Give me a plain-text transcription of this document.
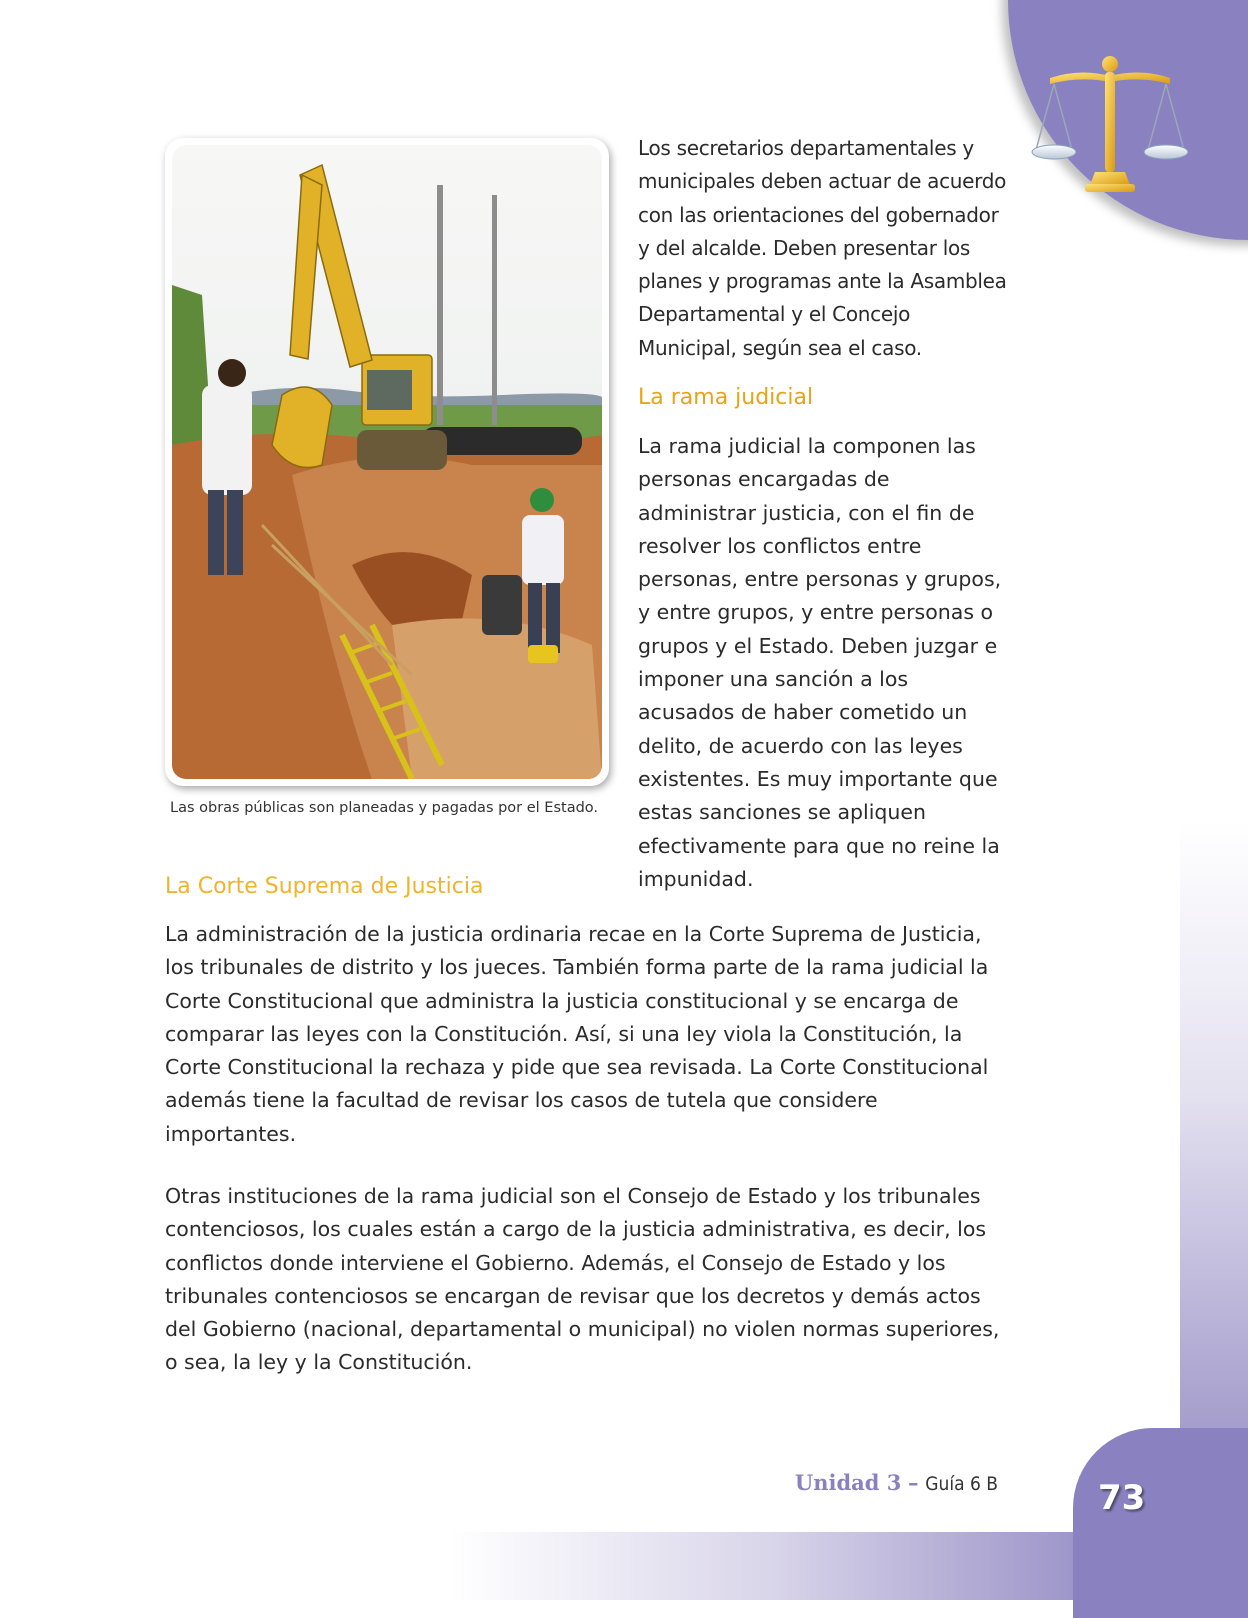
Las obras públicas son planeadas y pagadas por el Estado.

Los secretarios departamentales y municipales deben actuar de acuerdo con las orientaciones del gobernador y del alcalde. Deben presentar los planes y programas ante la Asamblea Departamental y el Concejo Municipal, según sea el caso.

La rama judicial

La rama judicial la componen las personas encargadas de administrar justicia, con el fin de resolver los conflictos entre personas, entre personas y grupos, y entre grupos, y entre personas o grupos y el Estado. Deben juzgar e imponer una sanción a los acusados de haber cometido un delito, de acuerdo con las leyes existentes. Es muy importante que estas sanciones se apliquen efectivamente para que no reine la impunidad.

La Corte Suprema de Justicia

La administración de la justicia ordinaria recae en la Corte Suprema de Justicia, los tribunales de distrito y los jueces. También forma parte de la rama judicial la Corte Constitucional que administra la justicia constitucional y se encarga de comparar las leyes con la Constitución. Así, si una ley viola la Constitución, la Corte Constitucional la rechaza y pide que sea revisada. La Corte Constitucional además tiene la facultad de revisar los casos de tutela que considere importantes.

Otras instituciones de la rama judicial son el Consejo de Estado y los tribunales contenciosos, los cuales están a cargo de la justicia administrativa, es decir, los conflictos donde interviene el Gobierno. Además, el Consejo de Estado y los tribunales contenciosos se encargan de revisar que los decretos y demás actos del Gobierno (nacional, departamental o municipal) no violen normas superiores, o sea, la ley y la Constitución.

Unidad 3 – Guía 6 B	73
